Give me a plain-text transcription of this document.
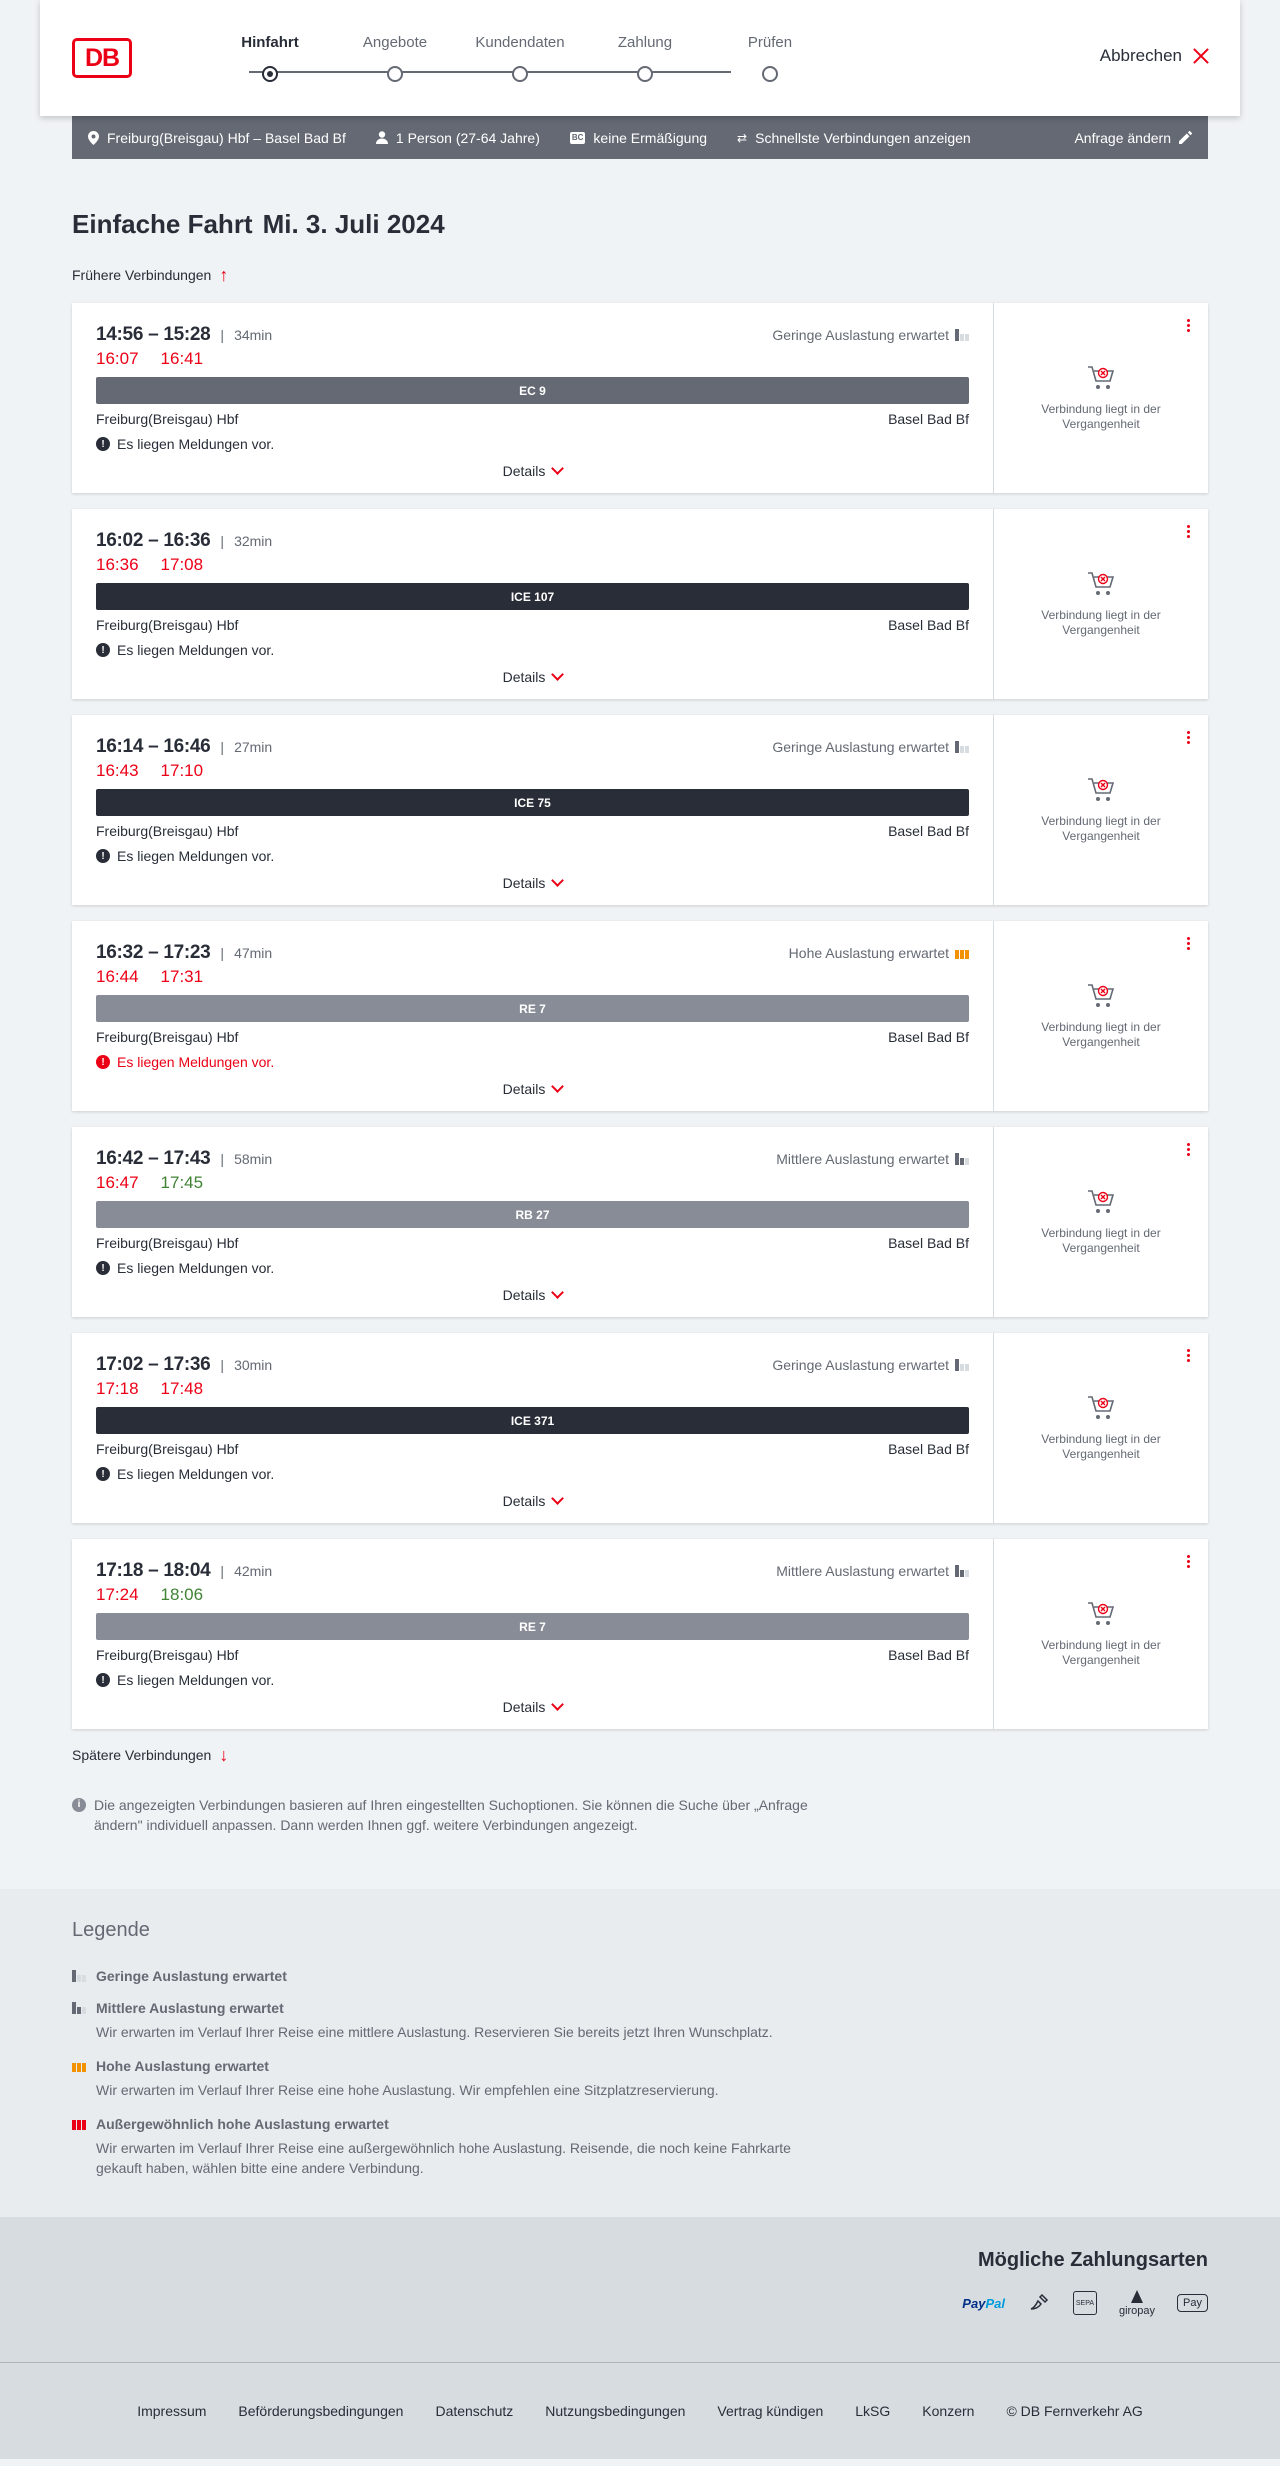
DB
Hinfahrt	Angebote	Kundendaten	Zahlung	Prüfen
Abbrechen
Freiburg(Breisgau) Hbf – Basel Bad Bf	1 Person (27-64 Jahre)	BC keine Ermäßigung	⇄ Schnellste Verbindungen anzeigen	Anfrage ändern
Einfache Fahrt Mi. 3. Juli 2024
Frühere Verbindungen ↑
14:56 – 15:28 | 34min	Geringe Auslastung erwartet
16:07 16:41
EC 9
Freiburg(Breisgau) Hbf	Basel Bad Bf
! Es liegen Meldungen vor.
Details
Verbindung liegt in der Vergangenheit
16:02 – 16:36 | 32min
16:36 17:08
ICE 107
Freiburg(Breisgau) Hbf	Basel Bad Bf
! Es liegen Meldungen vor.
Details
Verbindung liegt in der Vergangenheit
16:14 – 16:46 | 27min	Geringe Auslastung erwartet
16:43 17:10
ICE 75
Freiburg(Breisgau) Hbf	Basel Bad Bf
! Es liegen Meldungen vor.
Details
Verbindung liegt in der Vergangenheit
16:32 – 17:23 | 47min	Hohe Auslastung erwartet
16:44 17:31
RE 7
Freiburg(Breisgau) Hbf	Basel Bad Bf
! Es liegen Meldungen vor.
Details
Verbindung liegt in der Vergangenheit
16:42 – 17:43 | 58min	Mittlere Auslastung erwartet
16:47 17:45
RB 27
Freiburg(Breisgau) Hbf	Basel Bad Bf
! Es liegen Meldungen vor.
Details
Verbindung liegt in der Vergangenheit
17:02 – 17:36 | 30min	Geringe Auslastung erwartet
17:18 17:48
ICE 371
Freiburg(Breisgau) Hbf	Basel Bad Bf
! Es liegen Meldungen vor.
Details
Verbindung liegt in der Vergangenheit
17:18 – 18:04 | 42min	Mittlere Auslastung erwartet
17:24 18:06
RE 7
Freiburg(Breisgau) Hbf	Basel Bad Bf
! Es liegen Meldungen vor.
Details
Verbindung liegt in der Vergangenheit
Spätere Verbindungen ↓
i Die angezeigten Verbindungen basieren auf Ihren eingestellten Suchoptionen. Sie können die Suche über „Anfrage ändern" individuell anpassen. Dann werden Ihnen ggf. weitere Verbindungen angezeigt.
Legende
Geringe Auslastung erwartet
Mittlere Auslastung erwartet
Wir erwarten im Verlauf Ihrer Reise eine mittlere Auslastung. Reservieren Sie bereits jetzt Ihren Wunschplatz.
Hohe Auslastung erwartet
Wir erwarten im Verlauf Ihrer Reise eine hohe Auslastung. Wir empfehlen eine Sitzplatzreservierung.
Außergewöhnlich hohe Auslastung erwartet
Wir erwarten im Verlauf Ihrer Reise eine außergewöhnlich hohe Auslastung. Reisende, die noch keine Fahrkarte gekauft haben, wählen bitte eine andere Verbindung.
Mögliche Zahlungsarten
PayPal	SEPA
giropay
Pay
Impressum Beförderungsbedingungen Datenschutz Nutzungsbedingungen Vertrag kündigen LkSG Konzern © DB Fernverkehr AG
